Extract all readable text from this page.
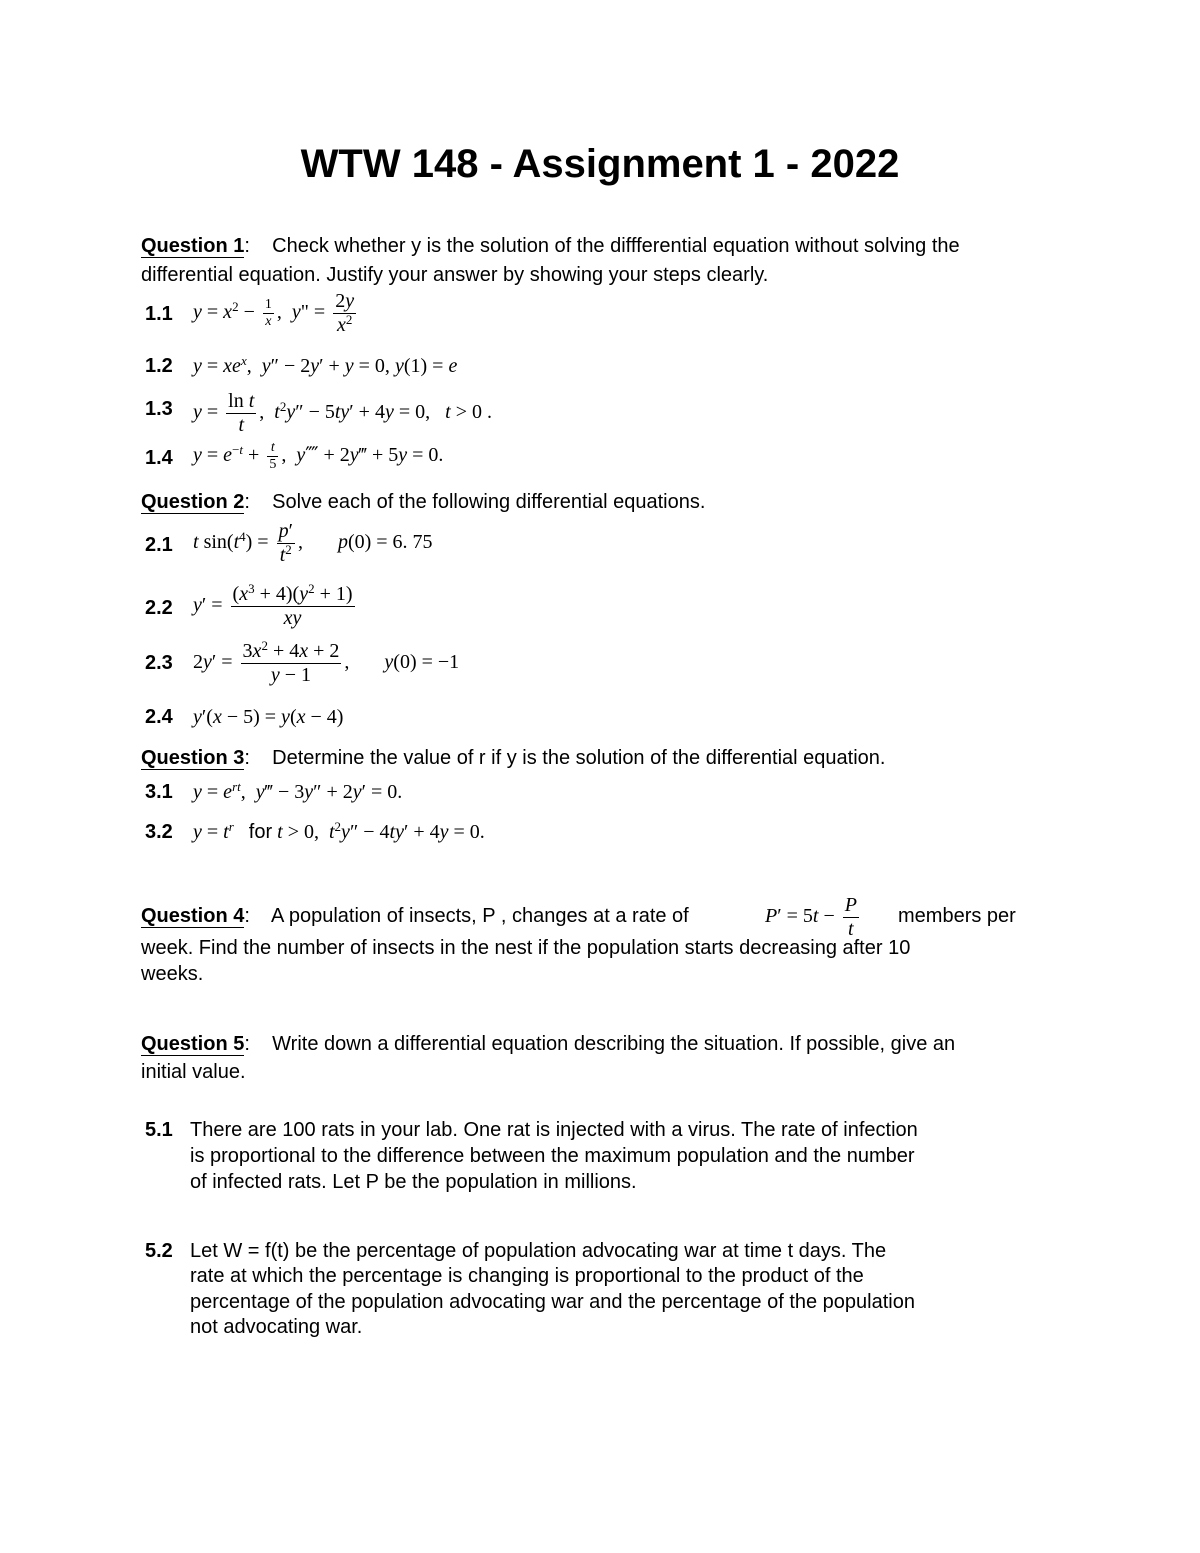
WTW 148 - Assignment 1 - 2022
Question 1:    Check whether y is the solution of the diffferential equation without solving the
differential equation. Justify your answer by showing your steps clearly.
1.1 $y = x^2 - \frac{1}{x}$ ,  y" = $\frac{2y}{x^2}$
1.2 $y = xe^x$,  y″ − 2y′ + y = 0, y(1) = e
1.3 $y = \frac{\text{ln t}}{t}$ ,  $t^2y'' - 5ty' + 4y = 0$,   t > 0 .
1.4 $y = e^{-t} + \frac{t}{5}$ ,  y⁗ + 2y‴ + 5y = 0.
Question 2:    Solve each of the following differential equations.
2.1 t $\sin(t^4) = \frac{p'}{t^2}$ ,       p(0) = 6. 75
2.2 $y' = \frac{(x^3 + 4)(y^2 + 1)}{xy}$
2.3 $2y' = \frac{3x^2 + 4x + 2}{y - 1}$ ,       y(0) = −1
2.4 y′(x − 5) = y(x − 4)
Question 3:    Determine the value of r if y is the solution of the differential equation.
3.1 $y = e^{rt}$,  y‴ − 3y″ + 2y′ = 0.
3.2 $y = t^r$ for t > 0,  $t^2y'' - 4ty' + 4y = 0$.
Question 4:    A population of insects, P , changes at a rate of	$P' = 5t - \frac{P}{t}$ members per
week. Find the number of insects in the nest if the population starts decreasing after 10
weeks.
Question 5:    Write down a differential equation describing the situation. If possible, give an
initial value.
5.1 There are 100 rats in your lab. One rat is injected with a virus. The rate of infection
is proportional to the difference between the maximum population and the number
of infected rats. Let P be the population in millions.
5.2 Let W = f(t) be the percentage of population advocating war at time t days. The
rate at which the percentage is changing is proportional to the product of the
percentage of the population advocating war and the percentage of the population
not advocating war.
